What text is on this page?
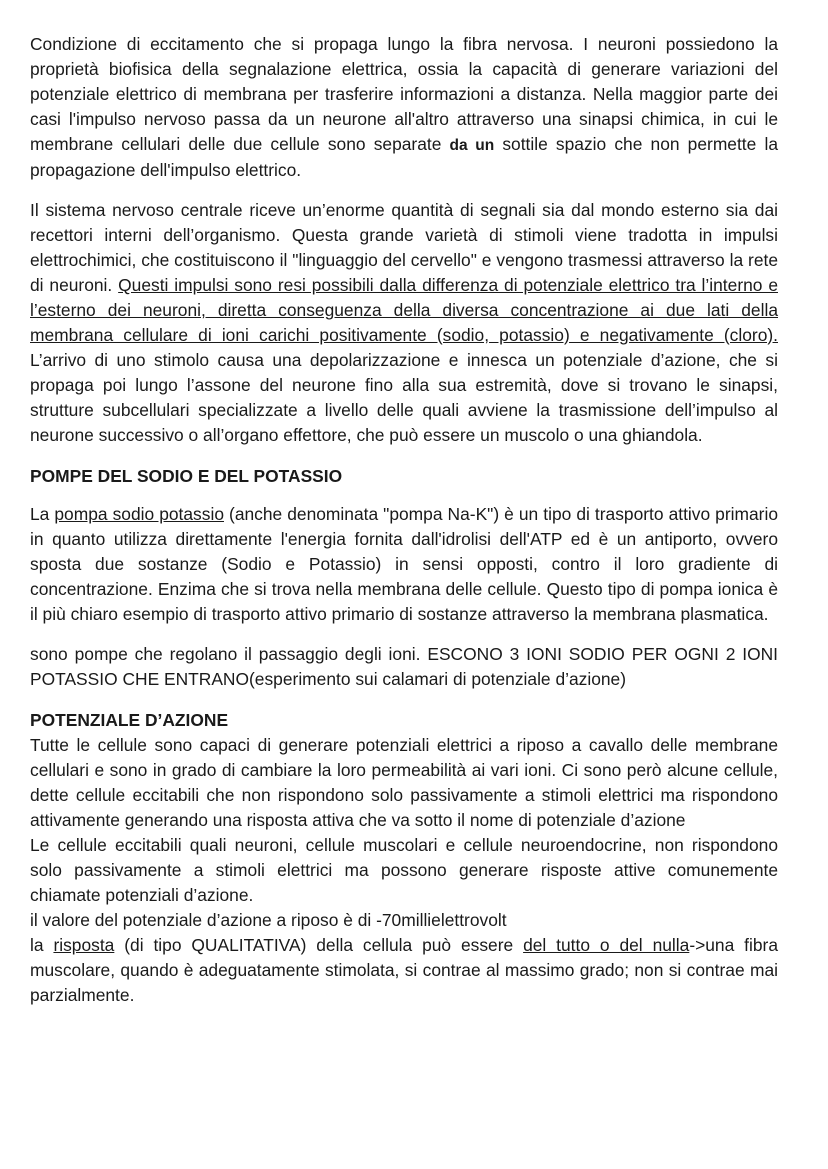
Condizione di eccitamento che si propaga lungo la fibra nervosa. I neuroni possiedono la proprietà biofisica della segnalazione elettrica, ossia la capacità di generare variazioni del potenziale elettrico di membrana per trasferire informazioni a distanza. Nella maggior parte dei casi l'impulso nervoso passa da un neurone all'altro attraverso una sinapsi chimica, in cui le membrane cellulari delle due cellule sono separate da un sottile spazio che non permette la propagazione dell'impulso elettrico.

Il sistema nervoso centrale riceve un’enorme quantità di segnali sia dal mondo esterno sia dai recettori interni dell’organismo. Questa grande varietà di stimoli viene tradotta in impulsi elettrochimici, che costituiscono il "linguaggio del cervello" e vengono trasmessi attraverso la rete di neuroni. Questi impulsi sono resi possibili dalla differenza di potenziale elettrico tra l’interno e l’esterno dei neuroni, diretta conseguenza della diversa concentrazione ai due lati della membrana cellulare di ioni carichi positivamente (sodio, potassio) e negativamente (cloro). L’arrivo di uno stimolo causa una depolarizzazione e innesca un potenziale d’azione, che si propaga poi lungo l’assone del neurone fino alla sua estremità, dove si trovano le sinapsi, strutture subcellulari specializzate a livello delle quali avviene la trasmissione dell’impulso al neurone successivo o all’organo effettore, che può essere un muscolo o una ghiandola.

POMPE DEL SODIO E DEL POTASSIO

La pompa sodio potassio (anche denominata "pompa Na-K") è un tipo di trasporto attivo primario in quanto utilizza direttamente l'energia fornita dall'idrolisi dell'ATP ed è un antiporto, ovvero sposta due sostanze (Sodio e Potassio) in sensi opposti, contro il loro gradiente di concentrazione. Enzima che si trova nella membrana delle cellule. Questo tipo di pompa ionica è il più chiaro esempio di trasporto attivo primario di sostanze attraverso la membrana plasmatica.

sono pompe che regolano il passaggio degli ioni. ESCONO 3 IONI SODIO PER OGNI 2 IONI POTASSIO CHE ENTRANO(esperimento sui calamari di potenziale d’azione)

POTENZIALE D’AZIONE

Tutte le cellule sono capaci di generare potenziali elettrici a riposo a cavallo delle membrane cellulari e sono in grado di cambiare la loro permeabilità ai vari ioni. Ci sono però alcune cellule, dette cellule eccitabili che non rispondono solo passivamente a stimoli elettrici ma rispondono attivamente generando una risposta attiva che va sotto il nome di potenziale d’azione

Le cellule eccitabili quali neuroni, cellule muscolari e cellule neuroendocrine, non rispondono solo passivamente a stimoli elettrici ma possono generare risposte attive comunemente chiamate potenziali d’azione.

il valore del potenziale d’azione a riposo è di -70millielettrovolt

la risposta (di tipo QUALITATIVA) della cellula può essere del tutto o del nulla->una fibra muscolare, quando è adeguatamente stimolata, si contrae al massimo grado; non si contrae mai parzialmente.
